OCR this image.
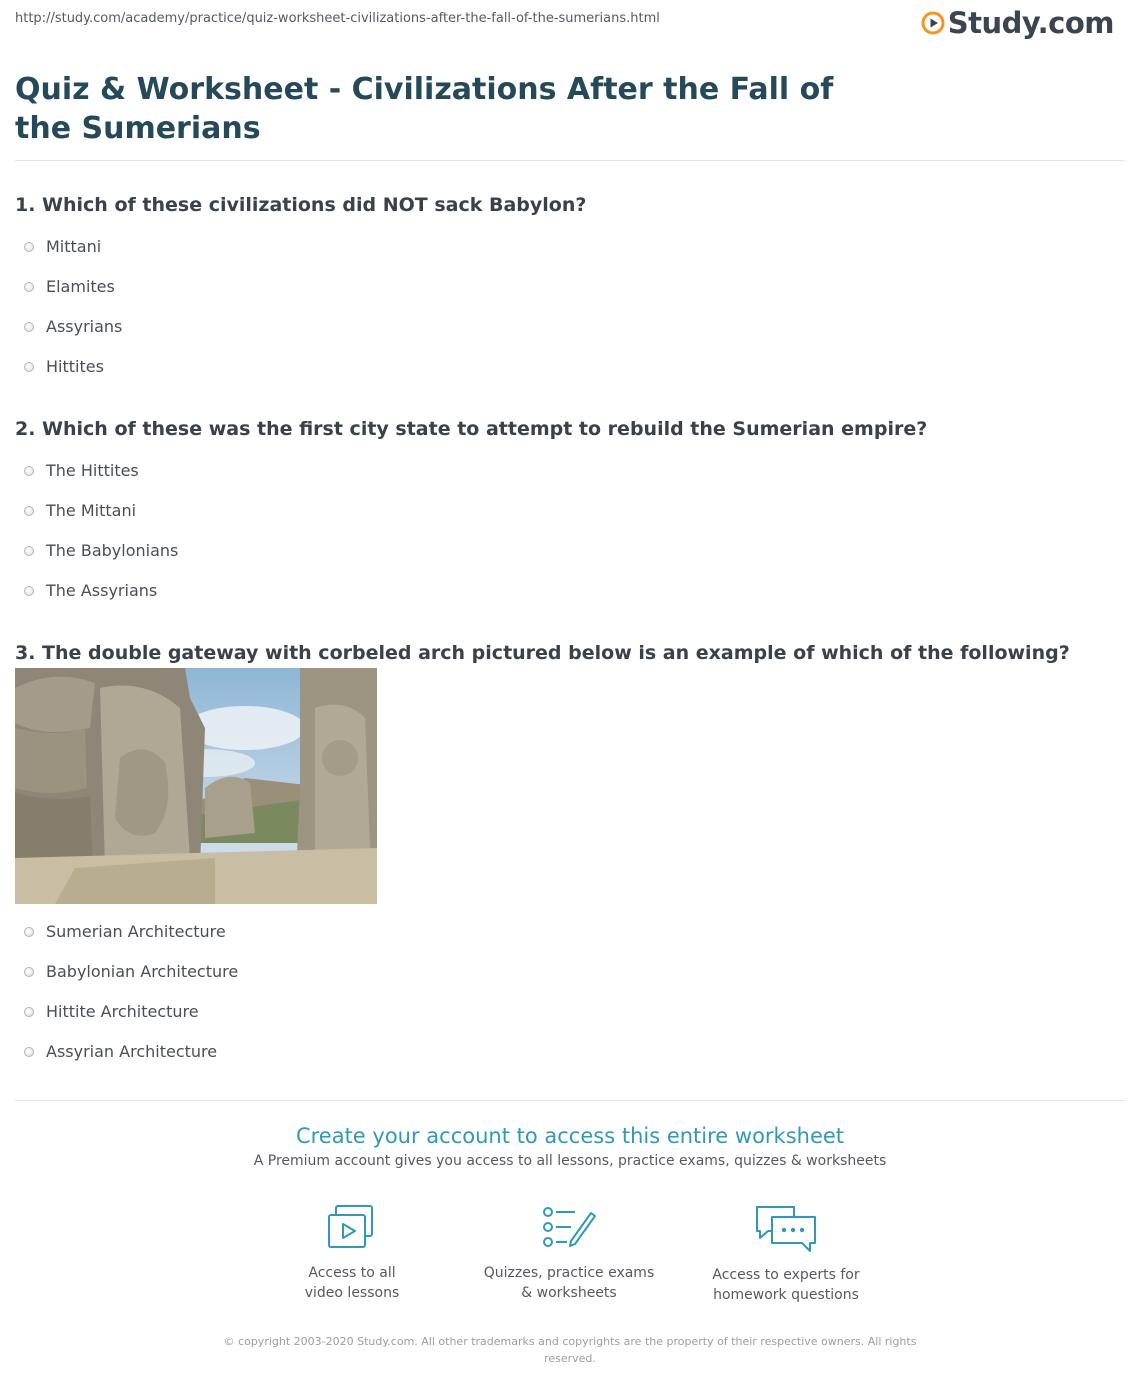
http://study.com/academy/practice/quiz-worksheet-civilizations-after-the-fall-of-the-sumerians.html	Study.com
Quiz & Worksheet - Civilizations After the Fall of the Sumerians
1. Which of these civilizations did NOT sack Babylon?
Mittani
Elamites
Assyrians
Hittites
2. Which of these was the first city state to attempt to rebuild the Sumerian empire?
The Hittites
The Mittani
The Babylonians
The Assyrians
3. The double gateway with corbeled arch pictured below is an example of which of the following?
Sumerian Architecture
Babylonian Architecture
Hittite Architecture
Assyrian Architecture
Create your account to access this entire worksheet
A Premium account gives you access to all lessons, practice exams, quizzes & worksheets
Access to all
video lessons
Quizzes, practice exams
& worksheets
Access to experts for
homework questions
© copyright 2003-2020 Study.com. All other trademarks and copyrights are the property of their respective owners. All rights reserved.
